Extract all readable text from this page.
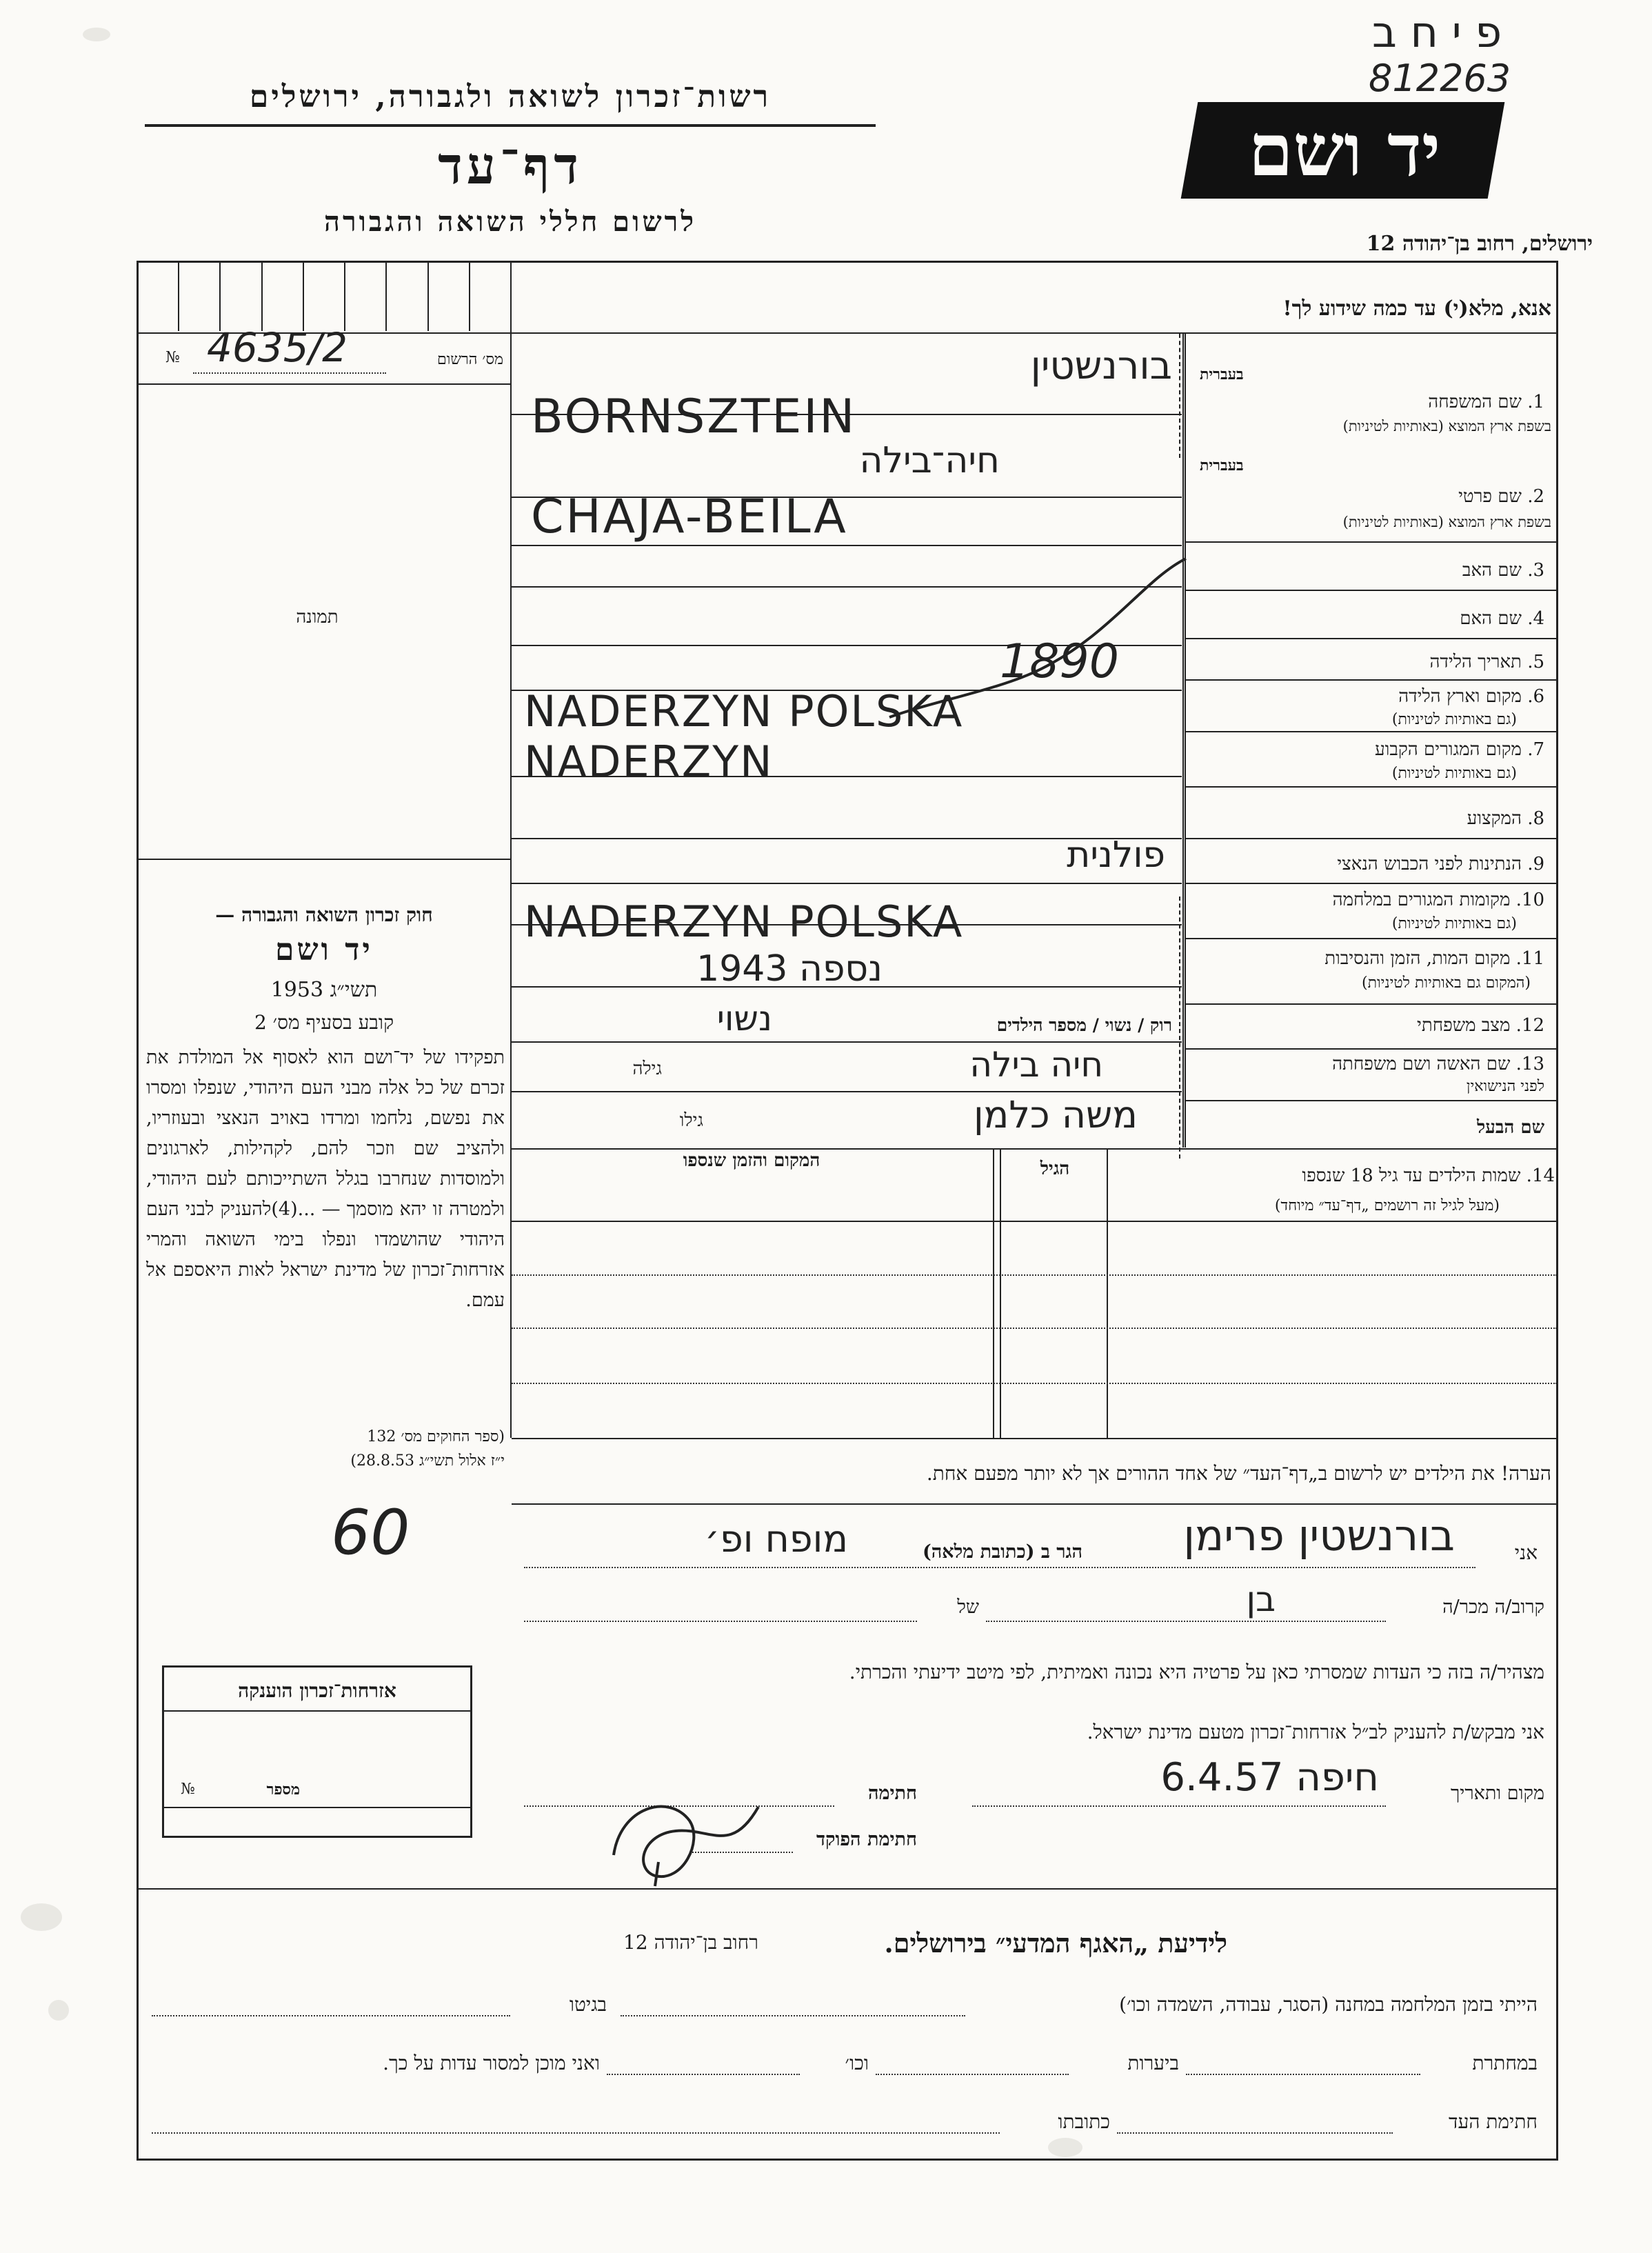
פ י ח ב
812263
יד ושם
רשות־זכרון לשואה ולגבורה, ירושלים
דף־עד
לרשום חללי השואה והגבורה
ירושלים, רחוב בן־יהודה 12
מס׳ הרשום
№ 4635/2
תמונה
חוק זכרון השואה והגבורה —
יד ושם
תשי״ג 1953
קובע בסעיף מס׳ 2
תפקידו של יד־ושם הוא לאסוף אל המולדת את זכרם של כל אלה מבני העם היהודי, שנפלו ומסרו את נפשם, נלחמו ומרדו באויב הנאצי ובעוזריו, ולהציב שם וזכר להם, לקהילות, לארגונים ולמוסדות שנחרבו בגלל השתייכותם לעם היהודי, ולמטרה זו יהא מוסמך — ...(4)להעניק לבני העם היהודי שהושמדו ונפלו בימי השואה והמרי אזרחות־זכרון של מדינת ישראל לאות היאספם אל עמם.
(ספר החוקים מס׳ 132
י״ז אלול תשי״ג 28.8.53)
אנא, מלא(י) עד כמה שידוע לך!
בעברית
1. שם המשפחה
בשפת ארץ המוצא (באותיות לטיניות)
בורנשטין
BORNSZTEIN
בעברית
2. שם פרטי
בשפת ארץ המוצא (באותיות לטיניות)
חיה־בילה
CHAJA-BEILA
3. שם האב
4. שם האם
5. תאריך הלידה
1890
6. מקום וארץ הלידה
(גם באותיות לטיניות)
NADERZYN POLSKA
7. מקום המגורים הקבוע
(גם באותיות לטיניות)
NADERZYN
8. המקצוע
9. הנתינות לפני הכבוש הנאצי
פולנית
10. מקומות המגורים במלחמה
(גם באותיות לטיניות)
NADERZYN POLSKA
11. מקום המות, הזמן והנסיבות
(המקום גם באותיות לטיניות)
נספה 1943
12. מצב משפחתי
רוק / נשוי / מספר הילדים
נשוי
13. שם האשה ושם משפחתה
לפני הנישואין
גילה	חיה בילה
שם הבעל
גילו	משה כלמן
14. שמות הילדים עד גיל 18 שנספו
(מעל לגיל זה רושמים „דף־עד״ מיוחד)
הגיל
המקום והזמן שנספו
הערה! את הילדים יש לרשום ב„דף־העד״ של אחד ההורים אך לא יותר מפעם אחת.
אני
הגר ב (כתובת מלאה)	בורנשטין פרימן
מופח ופ׳
60
קרוב/ה מכר/ה
של	בן
מצהיר/ה בזה כי העדות שמסרתי כאן על פרטיה היא נכונה ואמיתית, לפי מיטב ידיעתי והכרתי.
אני מבקש/ת להעניק לב״ל אזרחות־זכרון מטעם מדינת ישראל.
מקום ותאריך
חיפה 6.4.57
חתימה
חתימת הפוקד
אזרחות־זכרון הוענקה
מספר
№
לידיעת „האגף המדעי״ בירושלים.
רחוב בן־יהודה 12
הייתי בזמן המלחמה במחנה (הסגר, עבודה, השמדה וכו׳)
בגיטו
במחתרת
ביערות
וכו׳
ואני מוכן למסור עדות על כך.
חתימת העד
כתובתו
